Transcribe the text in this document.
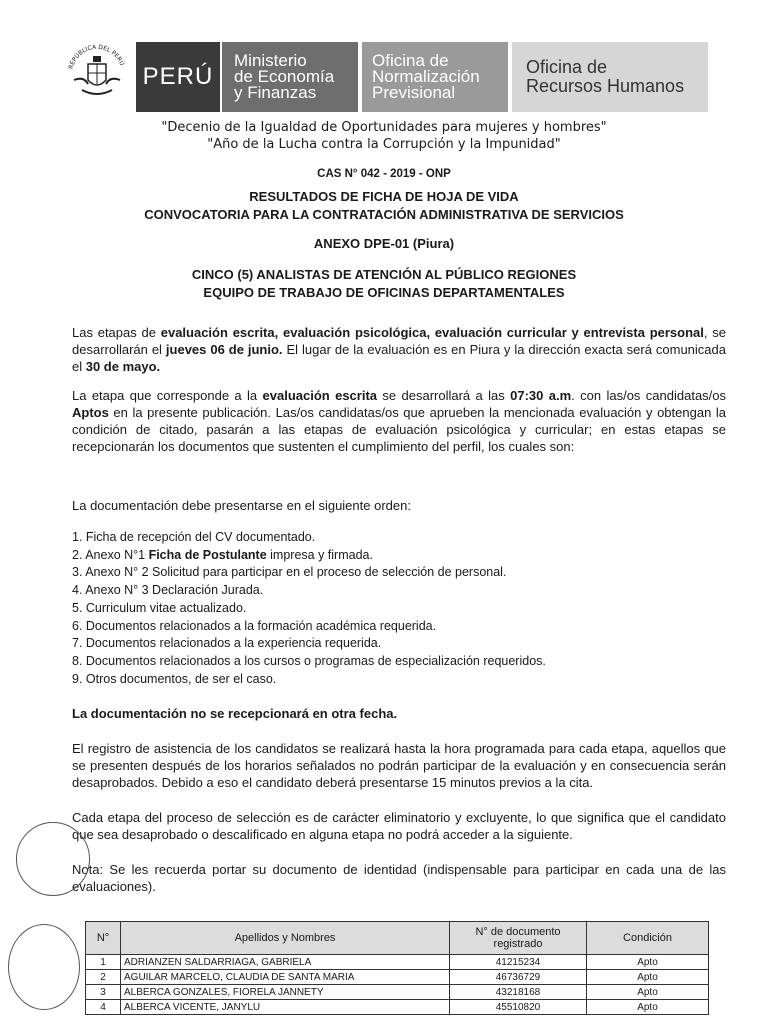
REPÚBLICA DEL PERÚ PERÚ
Ministerio
de Economía
y Finanzas
Oficina de
Normalización
Previsional
Oficina de
Recursos Humanos
"Decenio de la Igualdad de Oportunidades para mujeres y hombres"
"Año de la Lucha contra la Corrupción y la Impunidad"
CAS N° 042 - 2019 - ONP
RESULTADOS DE FICHA DE HOJA DE VIDA
CONVOCATORIA PARA LA CONTRATACIÓN ADMINISTRATIVA DE SERVICIOS
ANEXO DPE-01 (Piura)
CINCO (5) ANALISTAS DE ATENCIÓN AL PÚBLICO REGIONES
EQUIPO DE TRABAJO DE OFICINAS DEPARTAMENTALES
Las etapas de evaluación escrita, evaluación psicológica, evaluación curricular y entrevista personal, se desarrollarán el jueves 06 de junio. El lugar de la evaluación es en Piura y la dirección exacta será comunicada el 30 de mayo.
La etapa que corresponde a la evaluación escrita se desarrollará a las 07:30 a.m. con las/os candidatas/os Aptos en la presente publicación. Las/os candidatas/os que aprueben la mencionada evaluación y obtengan la condición de citado, pasarán a las etapas de evaluación psicológica y curricular; en estas etapas se recepcionarán los documentos que sustenten el cumplimiento del perfil, los cuales son:
La documentación debe presentarse en el siguiente orden:
1. Ficha de recepción del CV documentado.
2. Anexo N°1 Ficha de Postulante impresa y firmada.
3. Anexo N° 2 Solicitud para participar en el proceso de selección de personal.
4. Anexo N° 3 Declaración Jurada.
5. Curriculum vitae actualizado.
6. Documentos relacionados a la formación académica requerida.
7. Documentos relacionados a la experiencia requerida.
8. Documentos relacionados a los cursos o programas de especialización requeridos.
9. Otros documentos, de ser el caso.
La documentación no se recepcionará en otra fecha.
El registro de asistencia de los candidatos se realizará hasta la hora programada para cada etapa, aquellos que se presenten después de los horarios señalados no podrán participar de la evaluación y en consecuencia serán desaprobados. Debido a eso el candidato deberá presentarse 15 minutos previos a la cita.
Cada etapa del proceso de selección es de carácter eliminatorio y excluyente, lo que significa que el candidato que sea desaprobado o descalificado en alguna etapa no podrá acceder a la siguiente.
Nota: Se les recuerda portar su documento de identidad (indispensable para participar en cada una de las evaluaciones).
N°	Apellidos y Nombres	N° de documento registrado	Condición
1	ADRIANZEN SALDARRIAGA, GABRIELA	41215234	Apto
2	AGUILAR MARCELO, CLAUDIA DE SANTA MARIA	46736729	Apto
3	ALBERCA GONZALES, FIORELA JANNETY	43218168	Apto
4	ALBERCA VICENTE, JANYLU	45510820	Apto
